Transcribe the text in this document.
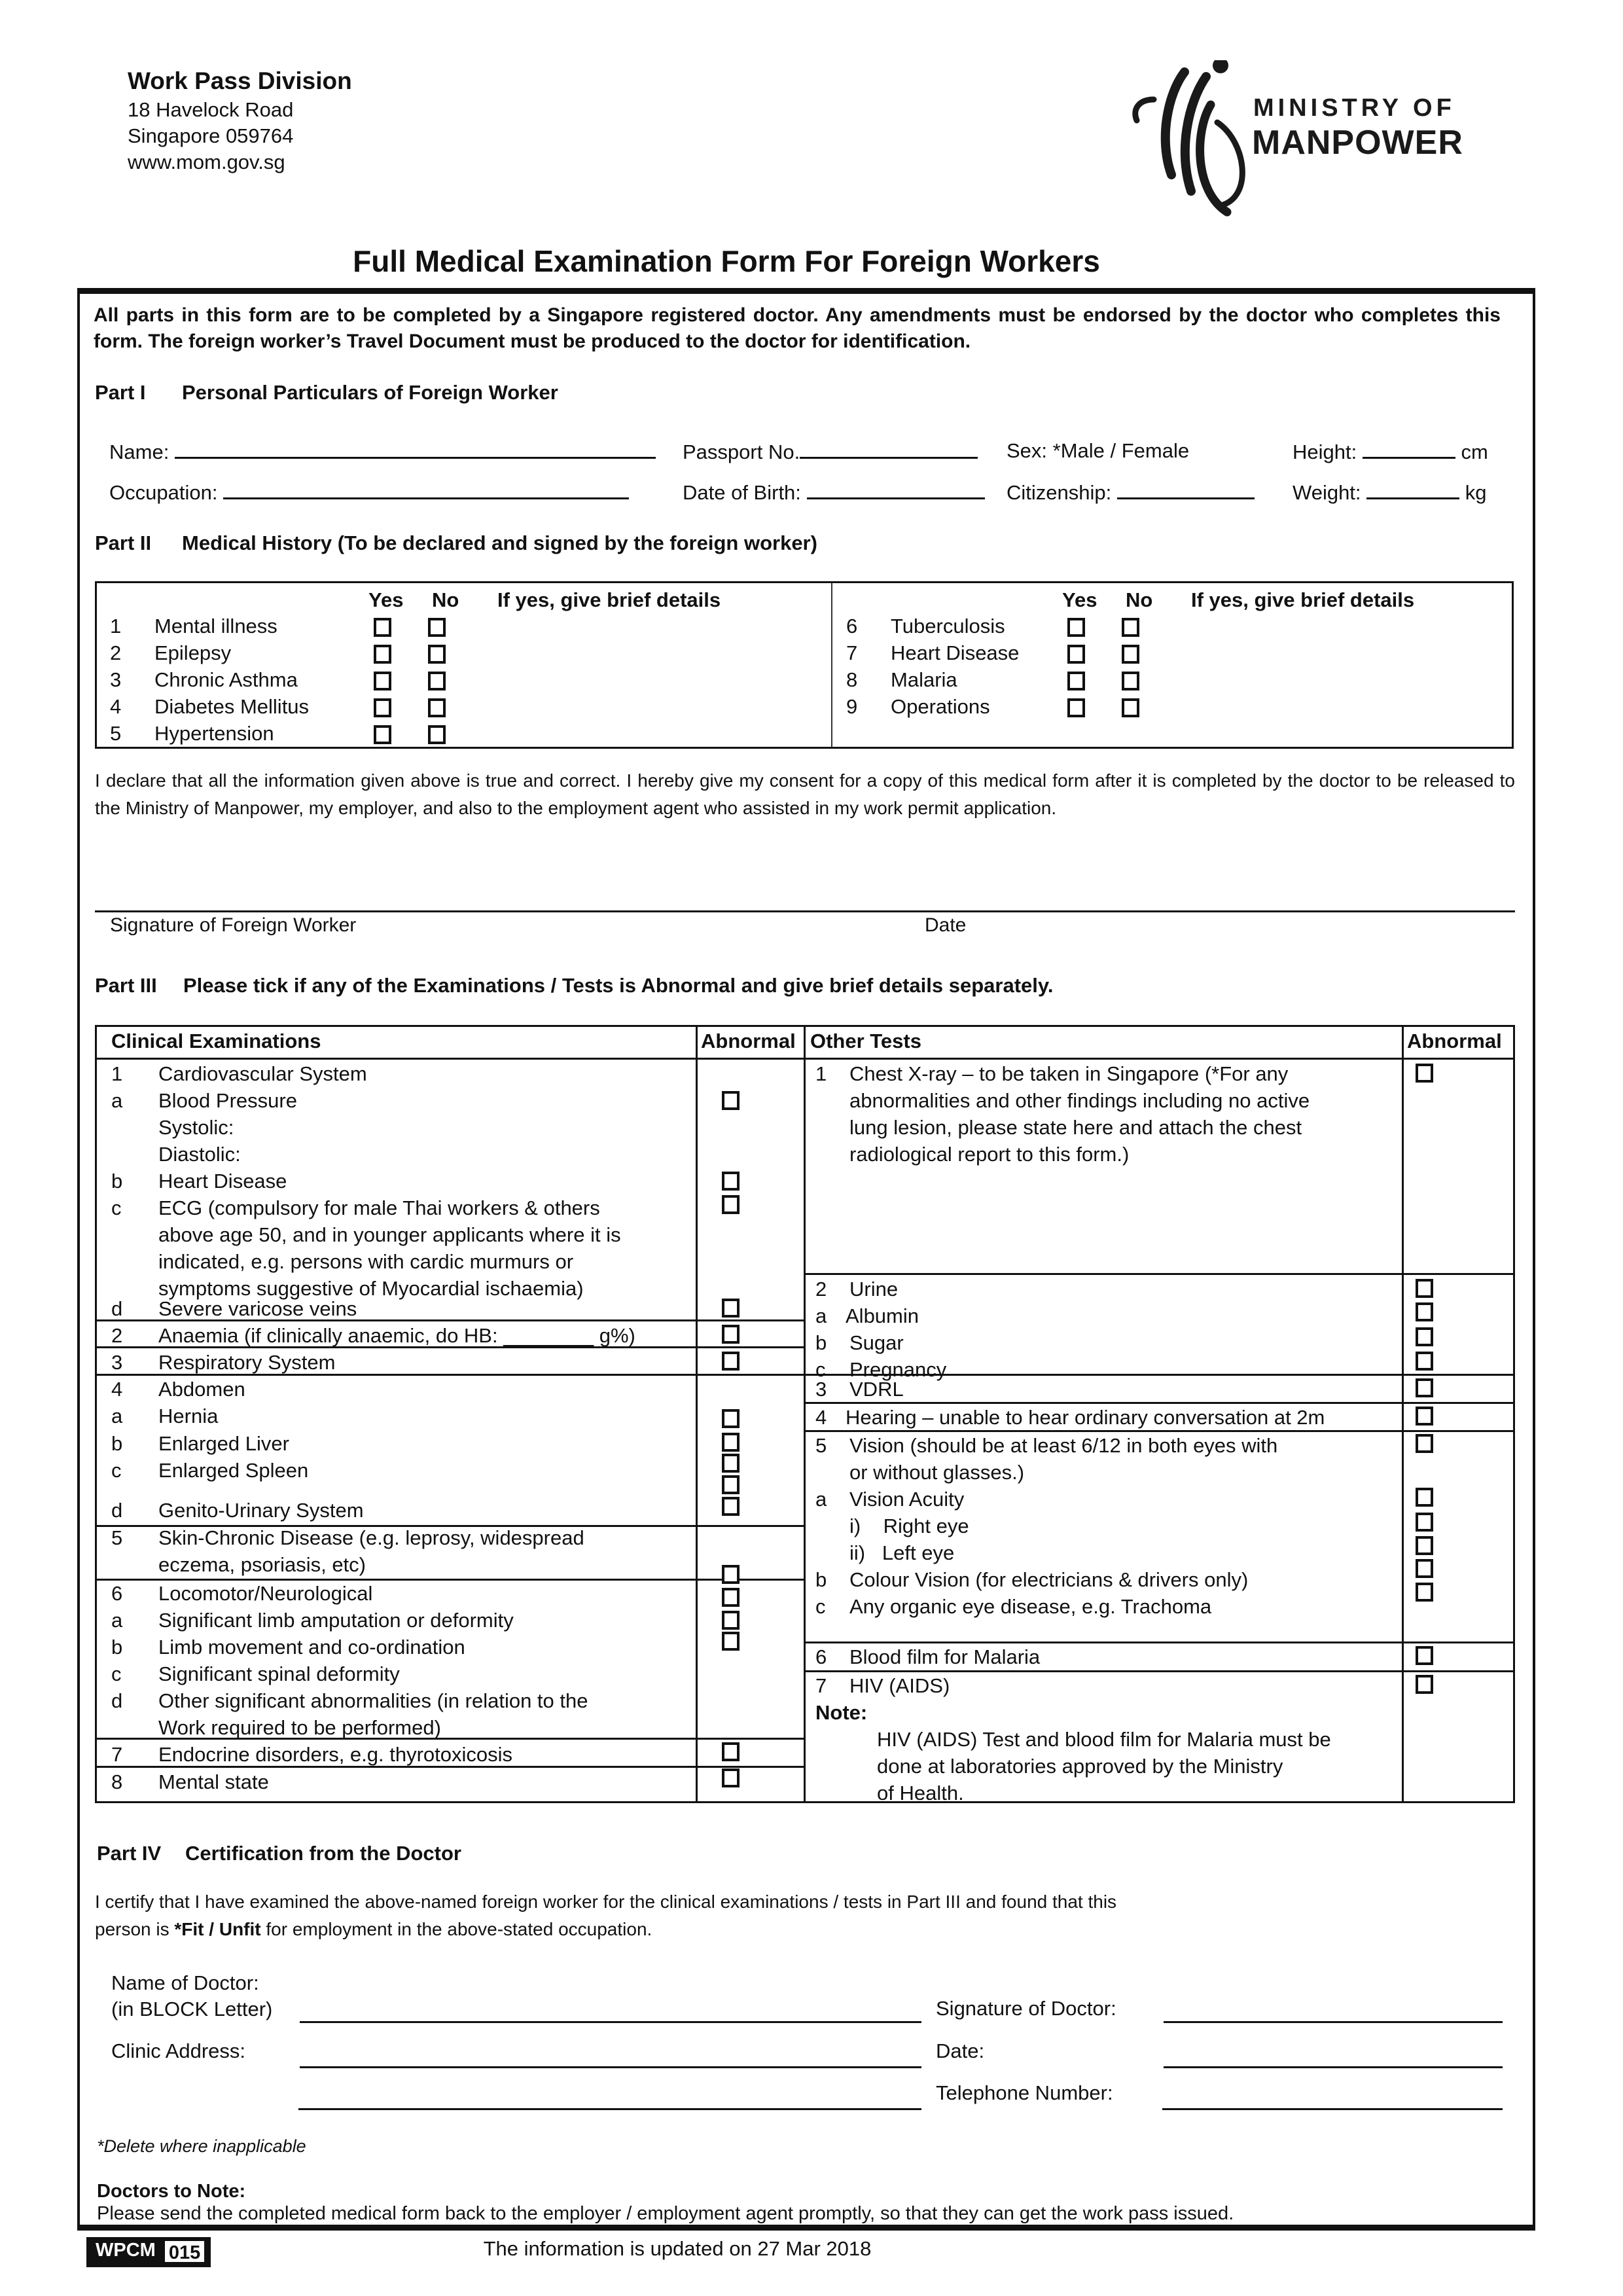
Work Pass Division
18 Havelock Road
Singapore 059764
www.mom.gov.sg
MINISTRY OF
MANPOWER
Full Medical Examination Form For Foreign Workers
All parts in this form are to be completed by a Singapore registered doctor. Any amendments must be endorsed by the doctor who completes this form. The foreign worker’s Travel Document must be produced to the doctor for identification.
Part I Personal Particulars of Foreign Worker
Name:	Passport No.	Sex: *Male / Female	Height:	cm
Occupation:	Date of Birth:	Citizenship:	Weight:	kg
Part II Medical History (To be declared and signed by the foreign worker)
Yes No If yes, give brief details	Yes No If yes, give brief details
1 Mental illness
2 Epilepsy
3 Chronic Asthma
4 Diabetes Mellitus
5 Hypertension
6 Tuberculosis
7 Heart Disease
8 Malaria
9 Operations
I declare that all the information given above is true and correct. I hereby give my consent for a copy of this medical form after it is completed by the doctor to be released to the Ministry of Manpower, my employer, and also to the employment agent who assisted in my work permit application.
Signature of Foreign Worker	Date
Part III Please tick if any of the Examinations / Tests is Abnormal and give brief details separately.
Clinical Examinations	Abnormal Other Tests	Abnormal
1 Cardiovascular System
a Blood Pressure
Systolic:
Diastolic:
b Heart Disease
c ECG (compulsory for male Thai workers & others
above age 50, and in younger applicants where it is
indicated, e.g. persons with cardic murmurs or
symptoms suggestive of Myocardial ischaemia)
d Severe varicose veins
2 Anaemia (if clinically anaemic, do HB: ________ g%)
3 Respiratory System
4 Abdomen
a Hernia
b Enlarged Liver
c Enlarged Spleen
d Genito-Urinary System
5 Skin-Chronic Disease (e.g. leprosy, widespread
eczema, psoriasis, etc)
6 Locomotor/Neurological
a Significant limb amputation or deformity
b Limb movement and co-ordination
c Significant spinal deformity
d Other significant abnormalities (in relation to the
Work required to be performed)
7 Endocrine disorders, e.g. thyrotoxicosis
8 Mental state
1 Chest X-ray – to be taken in Singapore (*For any
abnormalities and other findings including no active
lung lesion, please state here and attach the chest
radiological report to this form.)
2 Urine
a Albumin
b Sugar
c Pregnancy
3 VDRL
4 Hearing – unable to hear ordinary conversation at 2m
5 Vision (should be at least 6/12 in both eyes with
or without glasses.)
a Vision Acuity
i)    Right eye
ii)   Left eye
b Colour Vision (for electricians & drivers only)
c Any organic eye disease, e.g. Trachoma
6 Blood film for Malaria
7 HIV (AIDS)
Note:
HIV (AIDS) Test and blood film for Malaria must be
done at laboratories approved by the Ministry
of Health.
Part IV Certification from the Doctor
I certify that I have examined the above-named foreign worker for the clinical examinations / tests in Part III and found that this
person is *Fit / Unfit for employment in the above-stated occupation.
Name of Doctor:
(in BLOCK Letter)
Clinic Address:
Signature of Doctor:
Date:
Telephone Number:
*Delete where inapplicable
Doctors to Note:
Please send the completed medical form back to the employer / employment agent promptly, so that they can get the work pass issued.
WPCM 015	The information is updated on 27 Mar 2018
